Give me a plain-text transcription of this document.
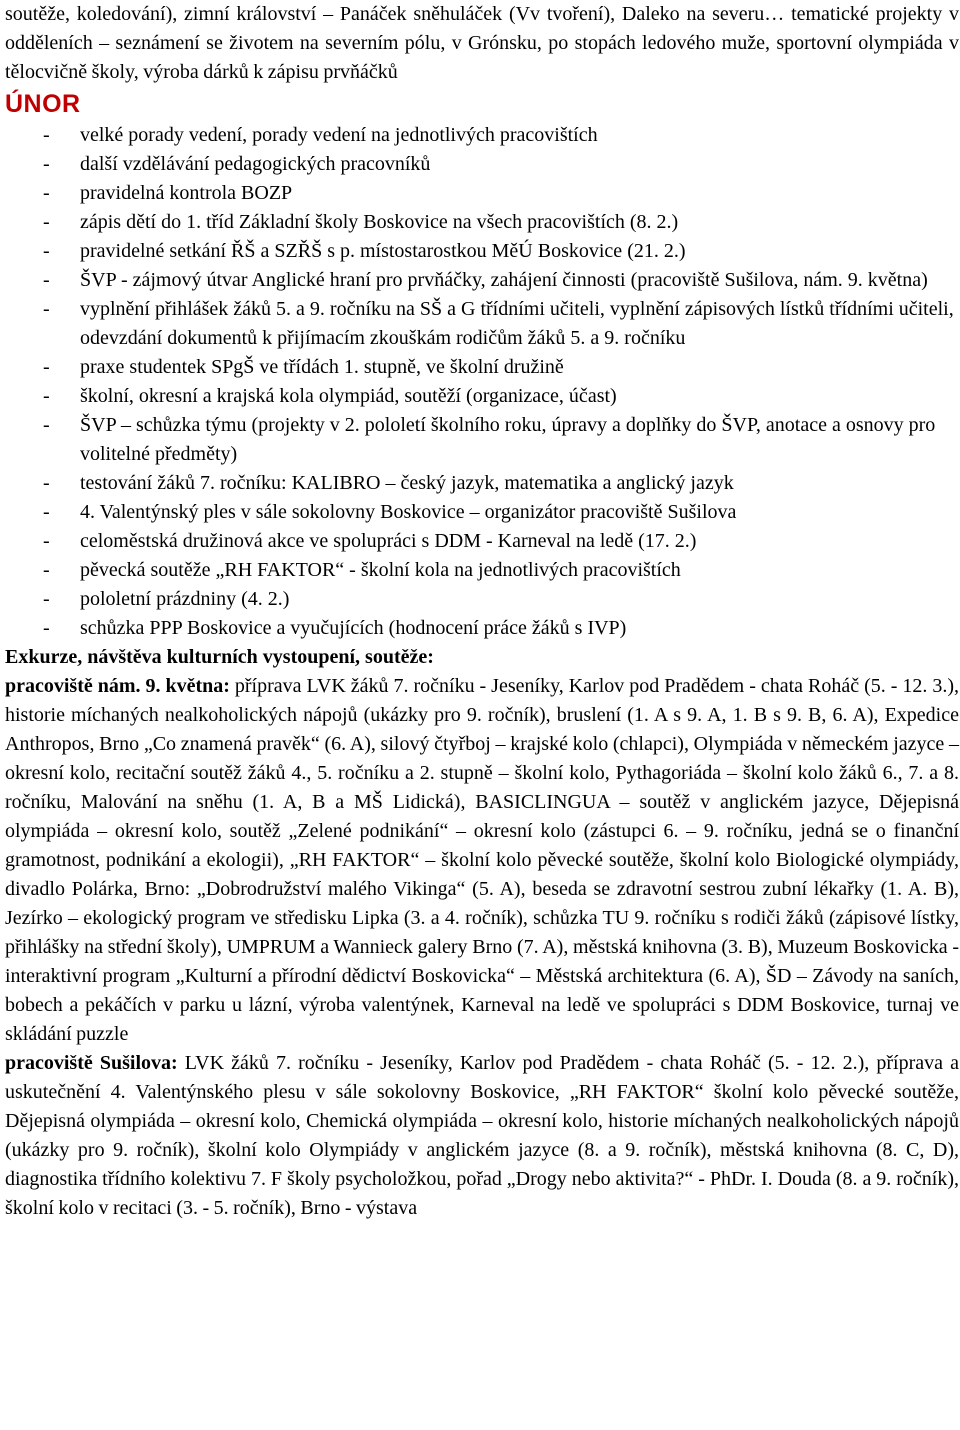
soutěže, koledování), zimní království – Panáček sněhuláček (Vv tvoření), Daleko na severu… tematické projekty v odděleních – seznámení se životem na severním pólu, v Grónsku, po stopách ledového muže, sportovní olympiáda v tělocvičně školy, výroba dárků k zápisu prvňáčků

ÚNOR
- velké porady vedení, porady vedení na jednotlivých pracovištích
- další vzdělávání pedagogických pracovníků
- pravidelná kontrola BOZP
- zápis dětí do 1. tříd Základní školy Boskovice na všech pracovištích (8. 2.)
- pravidelné setkání ŘŠ a SZŘŠ s p. místostarostkou MěÚ Boskovice (21. 2.)
- ŠVP - zájmový útvar Anglické hraní pro prvňáčky, zahájení činnosti (pracoviště Sušilova, nám. 9. května)
- vyplnění přihlášek žáků 5. a 9. ročníku na SŠ a G třídními učiteli, vyplnění zápisových lístků třídními učiteli, odevzdání dokumentů k přijímacím zkouškám rodičům žáků 5. a 9. ročníku
- praxe studentek SPgŠ ve třídách 1. stupně, ve školní družině
- školní, okresní a krajská kola olympiád, soutěží (organizace, účast)
- ŠVP – schůzka týmu (projekty v 2. pololetí školního roku, úpravy a doplňky do ŠVP, anotace a osnovy pro volitelné předměty)
- testování žáků 7. ročníku: KALIBRO – český jazyk, matematika a anglický jazyk
- 4. Valentýnský ples v sále sokolovny Boskovice – organizátor pracoviště Sušilova
- celoměstská družinová akce ve spolupráci s DDM - Karneval na ledě (17. 2.)
- pěvecká soutěže „RH FAKTOR“ - školní kola na jednotlivých pracovištích
- pololetní prázdniny (4. 2.)
- schůzka PPP Boskovice a vyučujících (hodnocení práce žáků s IVP)

Exkurze, návštěva kulturních vystoupení, soutěže:

pracoviště nám. 9. května: příprava LVK žáků 7. ročníku - Jeseníky, Karlov pod Pradědem - chata Roháč (5. - 12. 3.), historie míchaných nealkoholických nápojů (ukázky pro 9. ročník), bruslení (1. A s 9. A, 1. B s 9. B, 6. A), Expedice Anthropos, Brno „Co znamená pravěk“ (6. A), silový čtyřboj – krajské kolo (chlapci), Olympiáda v německém jazyce – okresní kolo, recitační soutěž žáků 4., 5. ročníku a 2. stupně – školní kolo, Pythagoriáda – školní kolo žáků 6., 7. a 8. ročníku, Malování na sněhu (1. A, B a MŠ Lidická), BASICLINGUA – soutěž v anglickém jazyce, Dějepisná olympiáda – okresní kolo, soutěž „Zelené podnikání“ – okresní kolo (zástupci 6. – 9. ročníku, jedná se o finanční gramotnost, podnikání a ekologii), „RH FAKTOR“ – školní kolo pěvecké soutěže, školní kolo Biologické olympiády, divadlo Polárka, Brno: „Dobrodružství malého Vikinga“ (5. A), beseda se zdravotní sestrou zubní lékařky (1. A. B), Jezírko – ekologický program ve středisku Lipka (3. a 4. ročník), schůzka TU 9. ročníku s rodiči žáků (zápisové lístky, přihlášky na střední školy), UMPRUM a Wannieck galery Brno (7. A), městská knihovna (3. B), Muzeum Boskovicka - interaktivní program „Kulturní a přírodní dědictví Boskovicka“ – Městská architektura (6. A), ŠD – Závody na saních, bobech a pekáčích v parku u lázní, výroba valentýnek, Karneval na ledě ve spolupráci s DDM Boskovice, turnaj ve skládání puzzle

pracoviště Sušilova: LVK žáků 7. ročníku - Jeseníky, Karlov pod Pradědem - chata Roháč (5. - 12. 2.), příprava a uskutečnění 4. Valentýnského plesu v sále sokolovny Boskovice, „RH FAKTOR“ školní kolo pěvecké soutěže, Dějepisná olympiáda – okresní kolo, Chemická olympiáda – okresní kolo, historie míchaných nealkoholických nápojů (ukázky pro 9. ročník), školní kolo Olympiády v anglickém jazyce (8. a 9. ročník), městská knihovna (8. C, D), diagnostika třídního kolektivu 7. F školy psycholožkou, pořad „Drogy nebo aktivita?“ - PhDr. I. Douda (8. a 9. ročník), školní kolo v recitaci (3. - 5. ročník), Brno - výstava
